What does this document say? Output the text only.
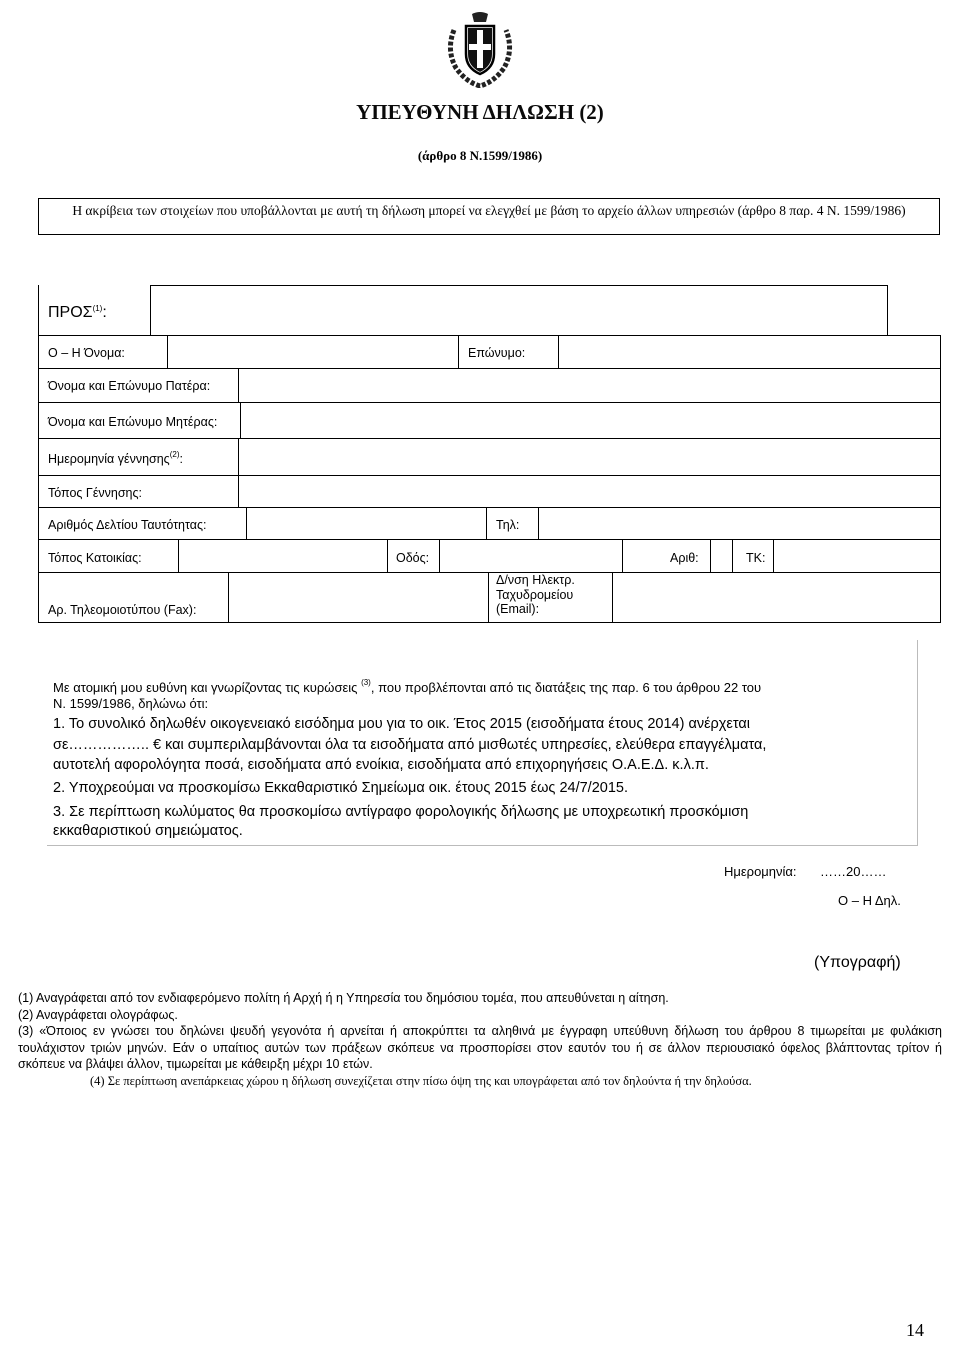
ΥΠΕΥΘΥΝΗ ΔΗΛΩΣΗ (2)
(άρθρο 8 Ν.1599/1986)
Η ακρίβεια των στοιχείων που υποβάλλονται με αυτή τη δήλωση μπορεί να ελεγχθεί με βάση το αρχείο άλλων υπηρεσιών (άρθρο 8 παρ. 4 Ν. 1599/1986)
ΠΡΟΣ$^{(1)}$:
Ο – Η Όνομα:	Επώνυμο:
Όνομα και Επώνυμο Πατέρα:
Όνομα και Επώνυμο Μητέρας:
Ημερομηνία γέννησης$^{(2)}$:
Τόπος Γέννησης:
Αριθμός Δελτίου Ταυτότητας:	Τηλ:
Τόπος Κατοικίας:	Οδός:	Αριθ:	ΤΚ:
Αρ. Τηλεομοιοτύπου (Fax):
Δ/νση Ηλεκτρ.
Ταχυδρομείου
(Email):
Με ατομική μου ευθύνη και γνωρίζοντας τις κυρώσεις $^{(3)}$, που προβλέπονται από τις διατάξεις της παρ. 6 του άρθρου 22 του
Ν. 1599/1986, δηλώνω ότι:
1. Το συνολικό δηλωθέν οικογενειακό εισόδημα μου για το οικ. Έτος 2015 (εισοδήματα έτους 2014) ανέρχεται
σε…………….. € και συμπεριλαμβάνονται όλα τα εισοδήματα από μισθωτές υπηρεσίες, ελεύθερα επαγγέλματα,
αυτοτελή αφορολόγητα ποσά, εισοδήματα από ενοίκια, εισοδήματα από επιχορηγήσεις Ο.Α.Ε.Δ. κ.λ.π.
2. Υποχρεούμαι να προσκομίσω Εκκαθαριστικό Σημείωμα οικ. έτους 2015 έως 24/7/2015.
3. Σε περίπτωση κωλύματος θα προσκομίσω αντίγραφο φορολογικής δήλωσης με υποχρεωτική προσκόμιση
εκκαθαριστικού σημειώματος.
Ημερομηνία: ……20……
Ο – Η Δηλ.
(Υπογραφή)
(1) Αναγράφεται από τον ενδιαφερόμενο πολίτη ή Αρχή ή η Υπηρεσία του δημόσιου τομέα, που απευθύνεται η αίτηση.
(2) Αναγράφεται ολογράφως.
(3) «Όποιος εν γνώσει του δηλώνει ψευδή γεγονότα ή αρνείται ή αποκρύπτει τα αληθινά με έγγραφη υπεύθυνη δήλωση του άρθρου 8 τιμωρείται με φυλάκιση τουλάχιστον τριών μηνών. Εάν ο υπαίτιος αυτών των πράξεων σκόπευε να προσπορίσει στον εαυτόν του ή σε άλλον περιουσιακό όφελος βλάπτοντας τρίτον ή σκόπευε να βλάψει άλλον, τιμωρείται με κάθειρξη μέχρι 10 ετών.
(4) Σε περίπτωση ανεπάρκειας χώρου η δήλωση συνεχίζεται στην πίσω όψη της και υπογράφεται από τον δηλούντα ή την δηλούσα.
14
